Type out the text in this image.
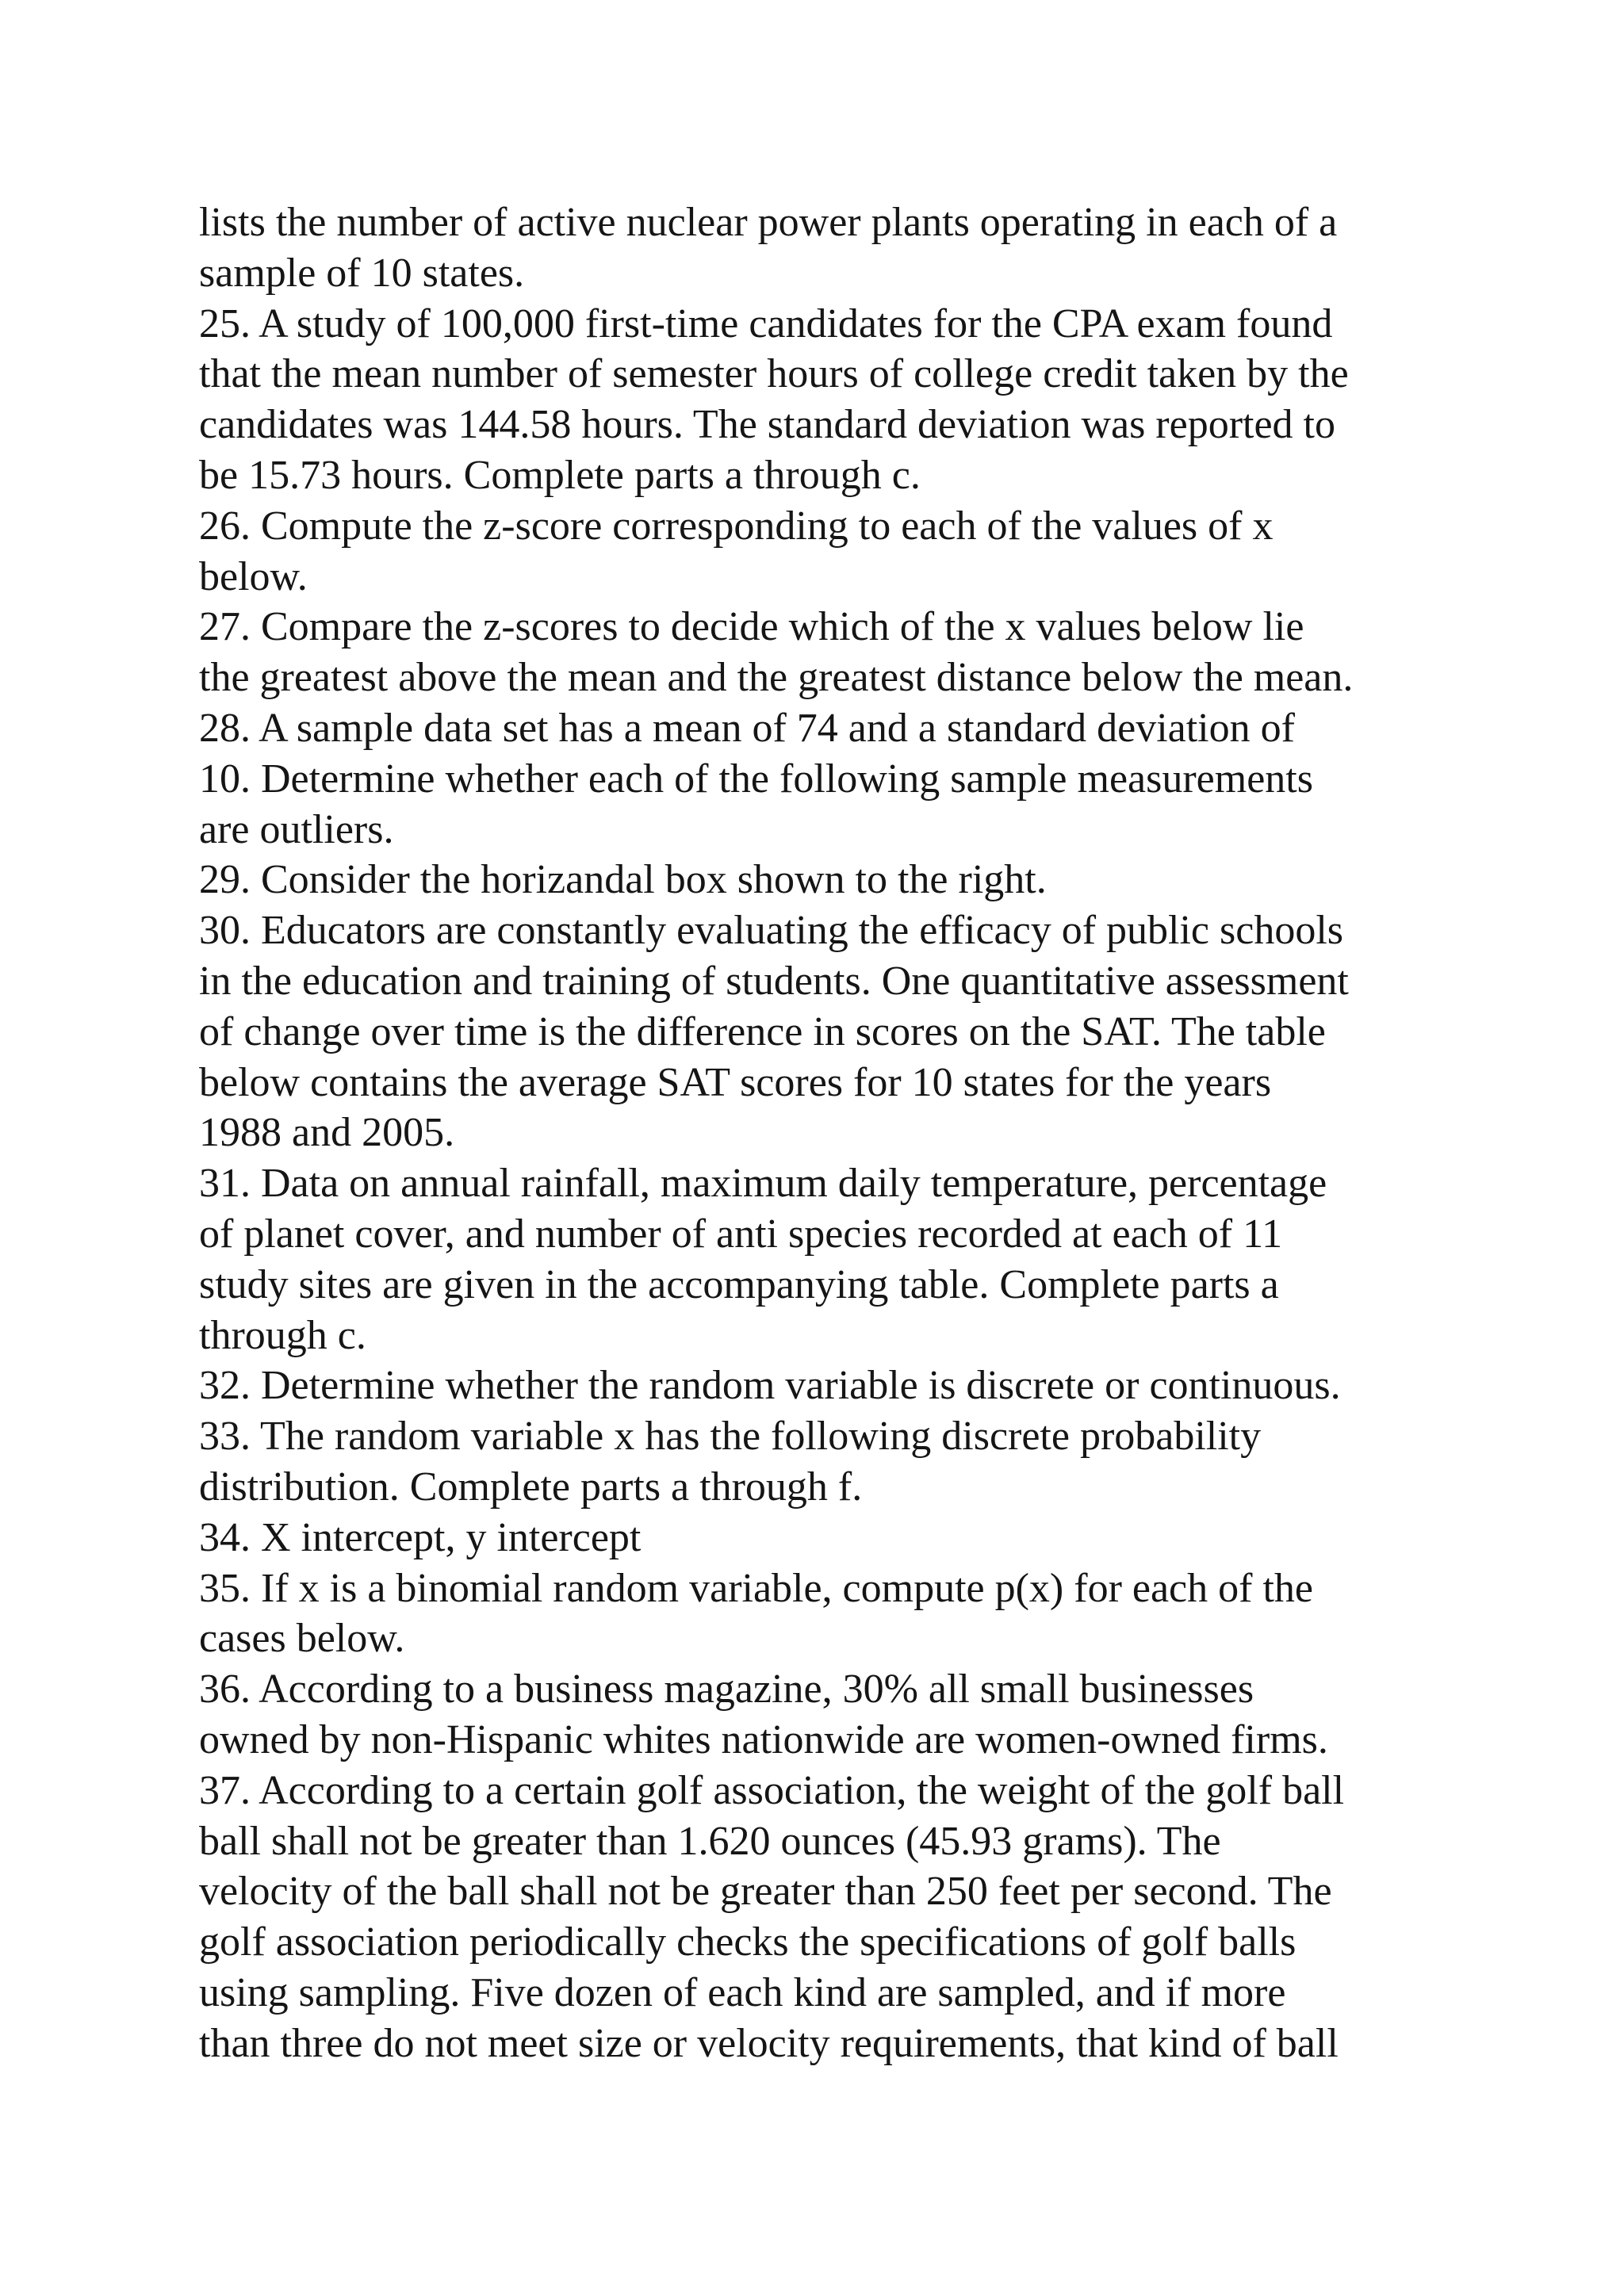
lists the number of active nuclear power plants operating in each of a
sample of 10 states.
25. A study of 100,000 first-time candidates for the CPA exam found
that the mean number of semester hours of college credit taken by the
candidates was 144.58 hours. The standard deviation was reported to
be 15.73 hours. Complete parts a through c.
26. Compute the z-score corresponding to each of the values of x
below.
27. Compare the z-scores to decide which of the x values below lie
the greatest above the mean and the greatest distance below the mean.
28. A sample data set has a mean of 74 and a standard deviation of
10. Determine whether each of the following sample measurements
are outliers.
29. Consider the horizandal box shown to the right.
30. Educators are constantly evaluating the efficacy of public schools
in the education and training of students. One quantitative assessment
of change over time is the difference in scores on the SAT. The table
below contains the average SAT scores for 10 states for the years
1988 and 2005.
31. Data on annual rainfall, maximum daily temperature, percentage
of planet cover, and number of anti species recorded at each of 11
study sites are given in the accompanying table. Complete parts a
through c.
32. Determine whether the random variable is discrete or continuous.
33. The random variable x has the following discrete probability
distribution. Complete parts a through f.
34. X intercept, y intercept
35. If x is a binomial random variable, compute p(x) for each of the
cases below.
36. According to a business magazine, 30% all small businesses
owned by non-Hispanic whites nationwide are women-owned firms.
37. According to a certain golf association, the weight of the golf ball
ball shall not be greater than 1.620 ounces (45.93 grams). The
velocity of the ball shall not be greater than 250 feet per second. The
golf association periodically checks the specifications of golf balls
using sampling. Five dozen of each kind are sampled, and if more
than three do not meet size or velocity requirements, that kind of ball
